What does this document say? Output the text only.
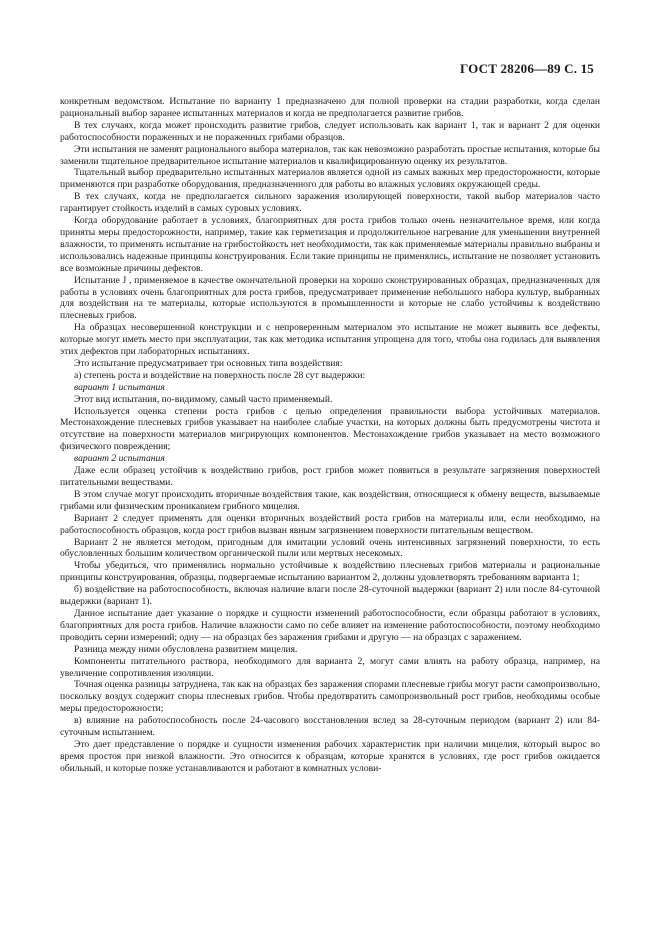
ГОСТ 28206—89 С. 15

конкретным ведомством. Испытание по варианту 1 предназначено для полной проверки на стадии разработки, когда сделан рациональный выбор заранее испытанных материалов и когда не предполагается развитие грибов.

В тех случаях, когда может происходить развитие грибов, следует использовать как вариант 1, так и вариант 2 для оценки работоспособности пораженных и не пораженных грибами образцов.

Эти испытания не заменят рационального выбора материалов, так как невозможно разработать простые испытания, которые бы заменили тщательное предварительное испытание материалов и квалифицированную оценку их результатов.

Тщательный выбор предварительно испытанных материалов является одной из самых важных мер предосторожности, которые применяются при разработке оборудования, предназначенного для работы во влажных условиях окружающей среды.

В тех случаях, когда не предполагается сильного заражения изолирующей поверхности, такой выбор материалов часто гарантирует стойкость изделий в самых суровых условиях.

Когда оборудование работает в условиях, благоприятных для роста грибов только очень незначительное время, или когда приняты меры предосторожности, например, такие как герметизация и продолжительное нагревание для уменьшения внутренней влажности, то применять испытание на грибостойкость нет необходимости, так как применяемые материалы правильно выбраны и использовались надежные принципы конструирования. Если такие принципы не применялись, испытание не позволяет установить все возможные причины дефектов.

Испытание J , применяемое в качестве окончательной проверки на хорошо сконструированных образцах, предназначенных для работы в условиях очень благоприятных для роста грибов, предусматривает применение небольшого набора культур, выбранных для воздействия на те материалы, которые используются в промышленности и которые не слабо устойчивы к воздействию плесневых грибов.

На образцах несовершенной конструкции и с непроверенным материалом это испытание не может выявить все дефекты, которые могут иметь место при эксплуатации, так как методика испытания упрощена для того, чтобы она годилась для выявления этих дефектов при лабораторных испытаниях.

Это испытание предусматривает три основных типа воздействия:

а) степень роста и воздействие на поверхность после 28 сут выдержки:

вариант 1 испытания

Этот вид испытания, по-видимому, самый часто применяемый.

Используется оценка степени роста грибов с целью определения правильности выбора устойчивых материалов. Местонахождение плесневых грибов указывает на наиболее слабые участки, на которых должны быть предусмотрены чистота и отсутствие на поверхности материалов мигрирующих компонентов. Местонахождение грибов указывает на место возможного физического повреждения;

вариант 2 испытания

Даже если образец устойчив к воздействию грибов, рост грибов может появиться в результате загрязнения поверхностей питательными веществами.

В этом случае могут происходить вторичные воздействия такие, как воздействия, относящиеся к обмену веществ, вызываемые грибами или физическим проникanием грибного мицелия.

Вариант 2 следует применять для оценки вторичных воздействий роста грибов на материалы или, если необходимо, на работоспособность образцов, когда рост грибов вызван явным загрязнением поверхности питательным веществом.

Вариант 2 не является методом, пригодным для имитации условий очень интенсивных загрязнений поверхности, то есть обусловленных большим количеством органической пыли или мертвых несекомых.

Чтобы убедиться, что применялись нормально устойчивые к воздействию плесневых грибов материалы и рациональные принципы конструирования, образцы, подвергаемые испытанию вариантом 2, должны удовлетворять требованиям варианта 1;

б) воздействие на работоспособность, включая наличие влаги после 28-суточной выдержки (вариант 2) или после 84-суточной выдержки (вариант 1).

Данное испытание дает указание о порядке и сущности изменений работоспособности, если образцы работают в условиях, благоприятных для роста грибов. Наличие влажности само по себе влияет на изменение работоспособности, поэтому необходимо проводить серии измерений; одну — на образцах без заражения грибами и другую — на образцах с заражением.

Разница между ними обусловлена развитием мицелия.

Компоненты питательного раствора, необходимого для варианта 2, могут сами влиять на работу образца, например, на увеличение сопротивления изоляции.

Точная оценка разницы затруднена, так как на образцах без заражения спорами плесневые грибы могут расти самопроизвольно, поскольку воздух содержит споры плесневых грибов. Чтобы предотвратить самопроизвольный рост грибов, необходимы особые меры предосторожности;

в) влияние на работоспособность после 24-часового восстановления вслед за 28-суточным периодом (вариант 2) или 84-суточным испытанием.

Это дает представление о порядке и сущности изменения рабочих характеристик при наличии мицелия, который вырос во время простоя при низкой влажности. Это относится к образцам, которые хранятся в условиях, где рост грибов ожидается обильный, и которые позже устанавливаются и работают в комнатных услови-
